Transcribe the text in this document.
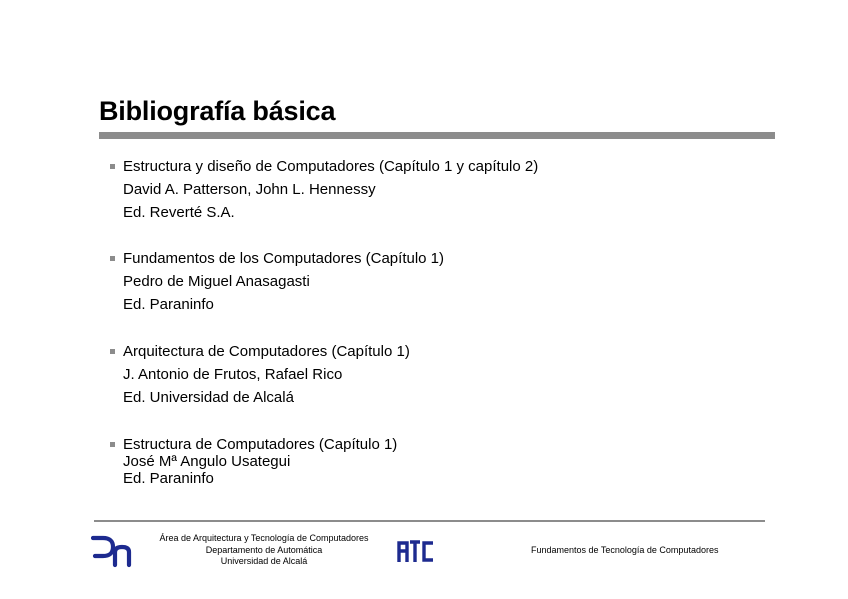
Bibliografía básica
Estructura y diseño de Computadores (Capítulo 1 y capítulo 2)
David A. Patterson, John L. Hennessy
Ed. Reverté S.A.
Fundamentos de los Computadores (Capítulo 1)
Pedro de Miguel Anasagasti
Ed. Paraninfo
Arquitectura de Computadores (Capítulo 1)
J. Antonio de Frutos, Rafael Rico
Ed. Universidad de Alcalá
Estructura de Computadores (Capítulo 1)
José Mª Angulo Usategui
Ed. Paraninfo
Área de Arquitectura y Tecnología de Computadores
Departamento de Automática
Universidad de Alcalá
Fundamentos de Tecnología de Computadores
